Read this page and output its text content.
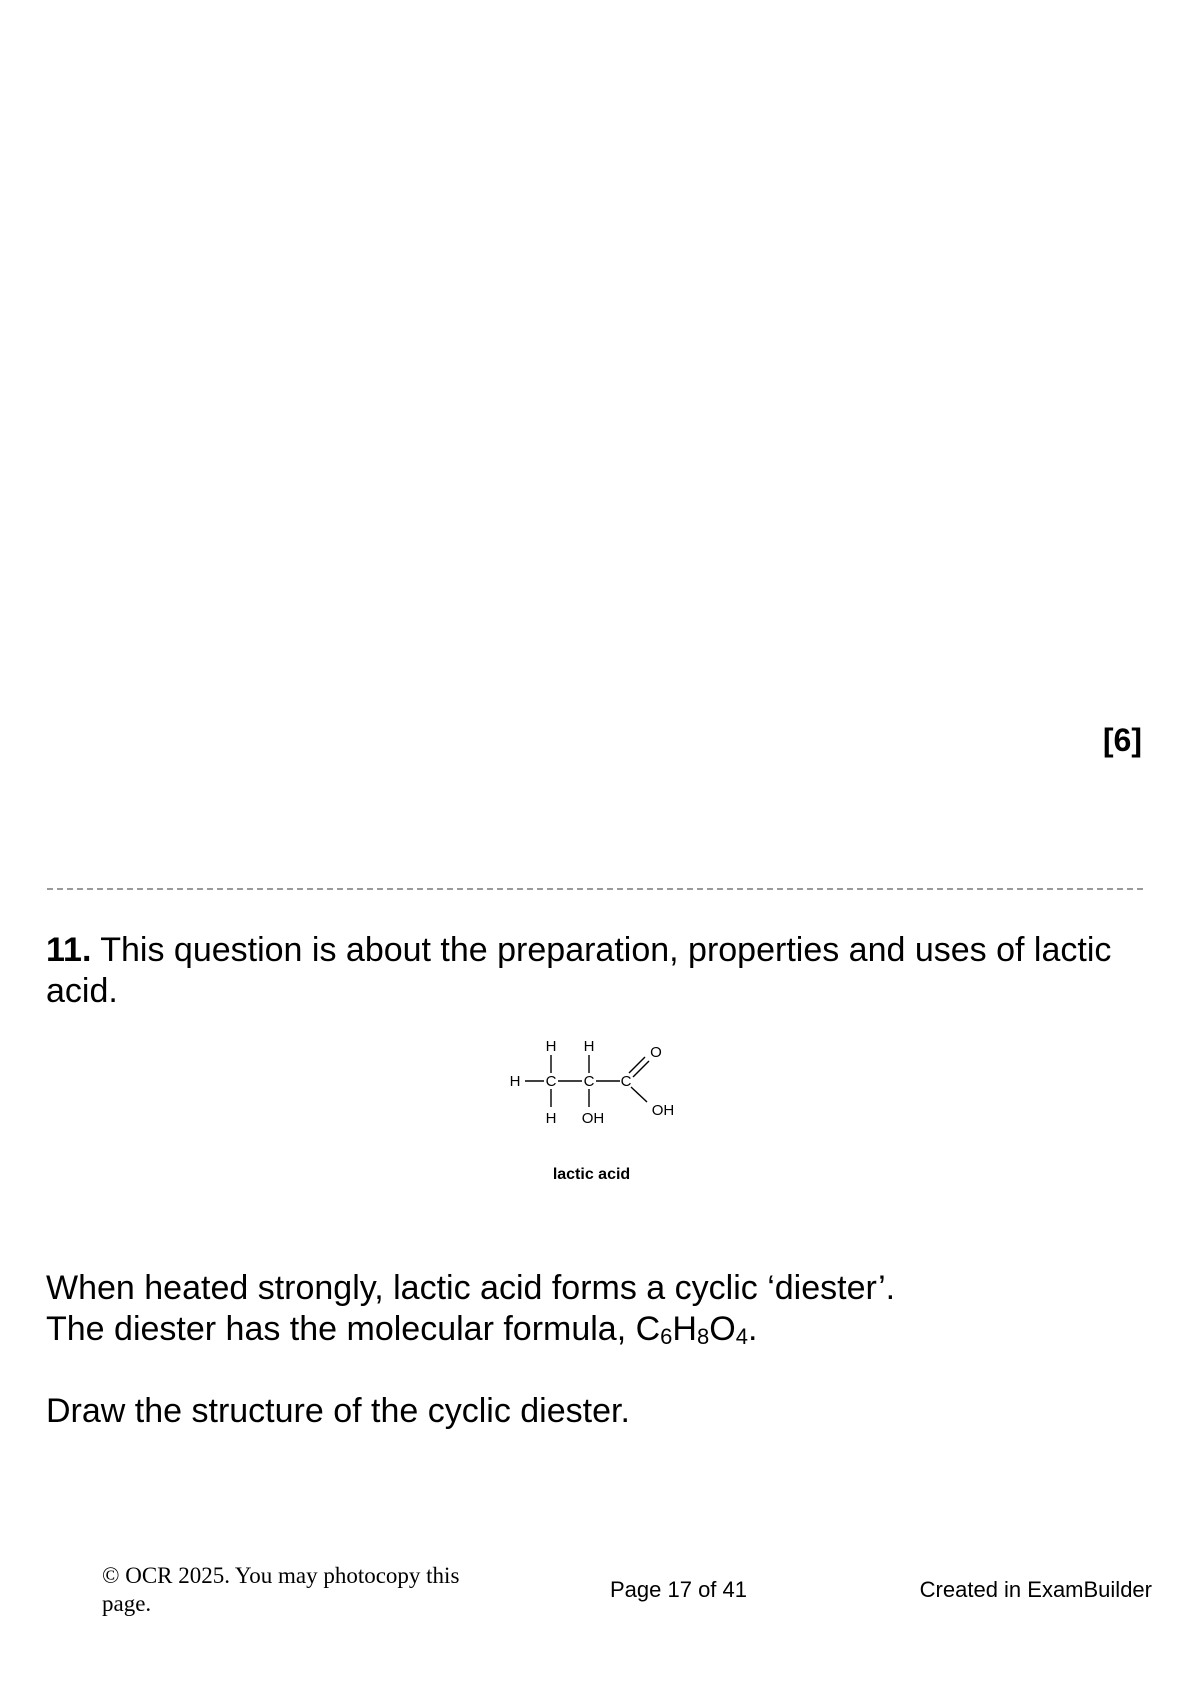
[6]
11. This question is about the preparation, properties and uses of lactic acid.
H C C C
H H
H OH
O
OH
lactic acid
When heated strongly, lactic acid forms a cyclic ‘diester’.
The diester has the molecular formula, $C_6H_8O_4$.
Draw the structure of the cyclic diester.
© OCR 2025. You may photocopy this page.
Page 17 of 41	Created in ExamBuilder
